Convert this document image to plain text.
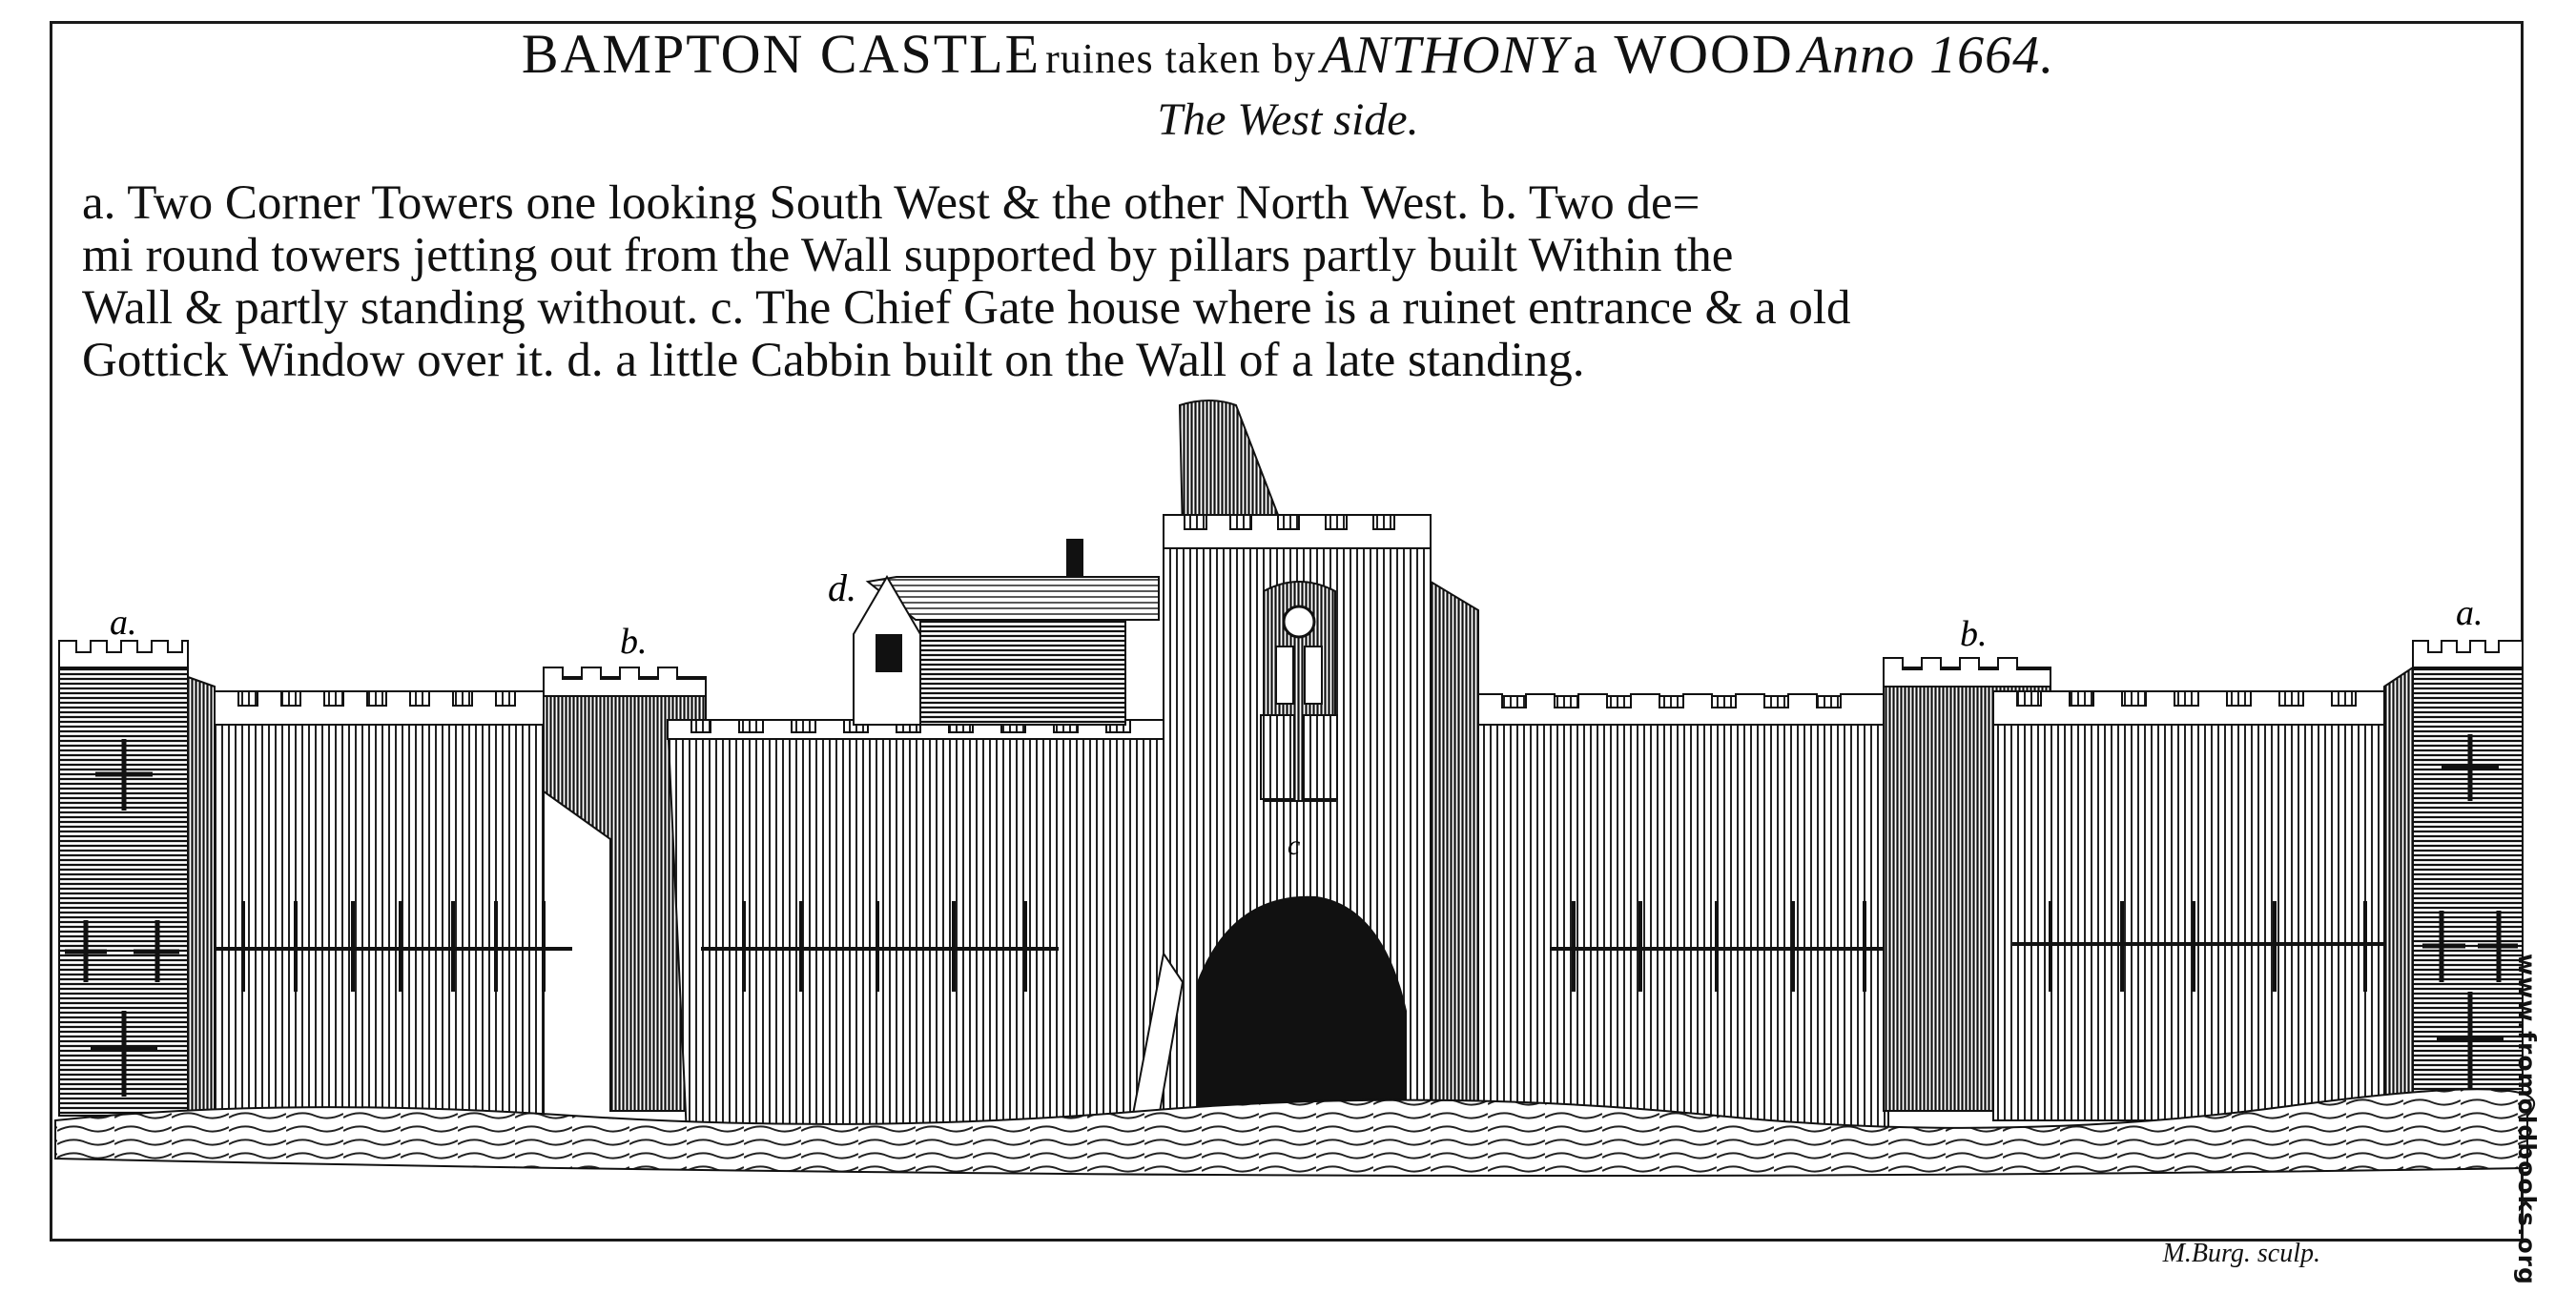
BAMPTON CASTLE ruines taken by ANTHONY a WOOD Anno 1664.
The West side.
a. Two Corner Towers one looking South West & the other North West. b. Two de=
mi round towers jetting out from the Wall supported by pillars partly built Within the
Wall & partly standing without. c. The Chief Gate house where is a ruinet entrance & a old
Gottick Window over it. d. a little Cabbin built on the Wall of a late standing.
a.	b.
d.
c
b.
a.
M.Burg. sculp.	www.fromoldbooks.org
